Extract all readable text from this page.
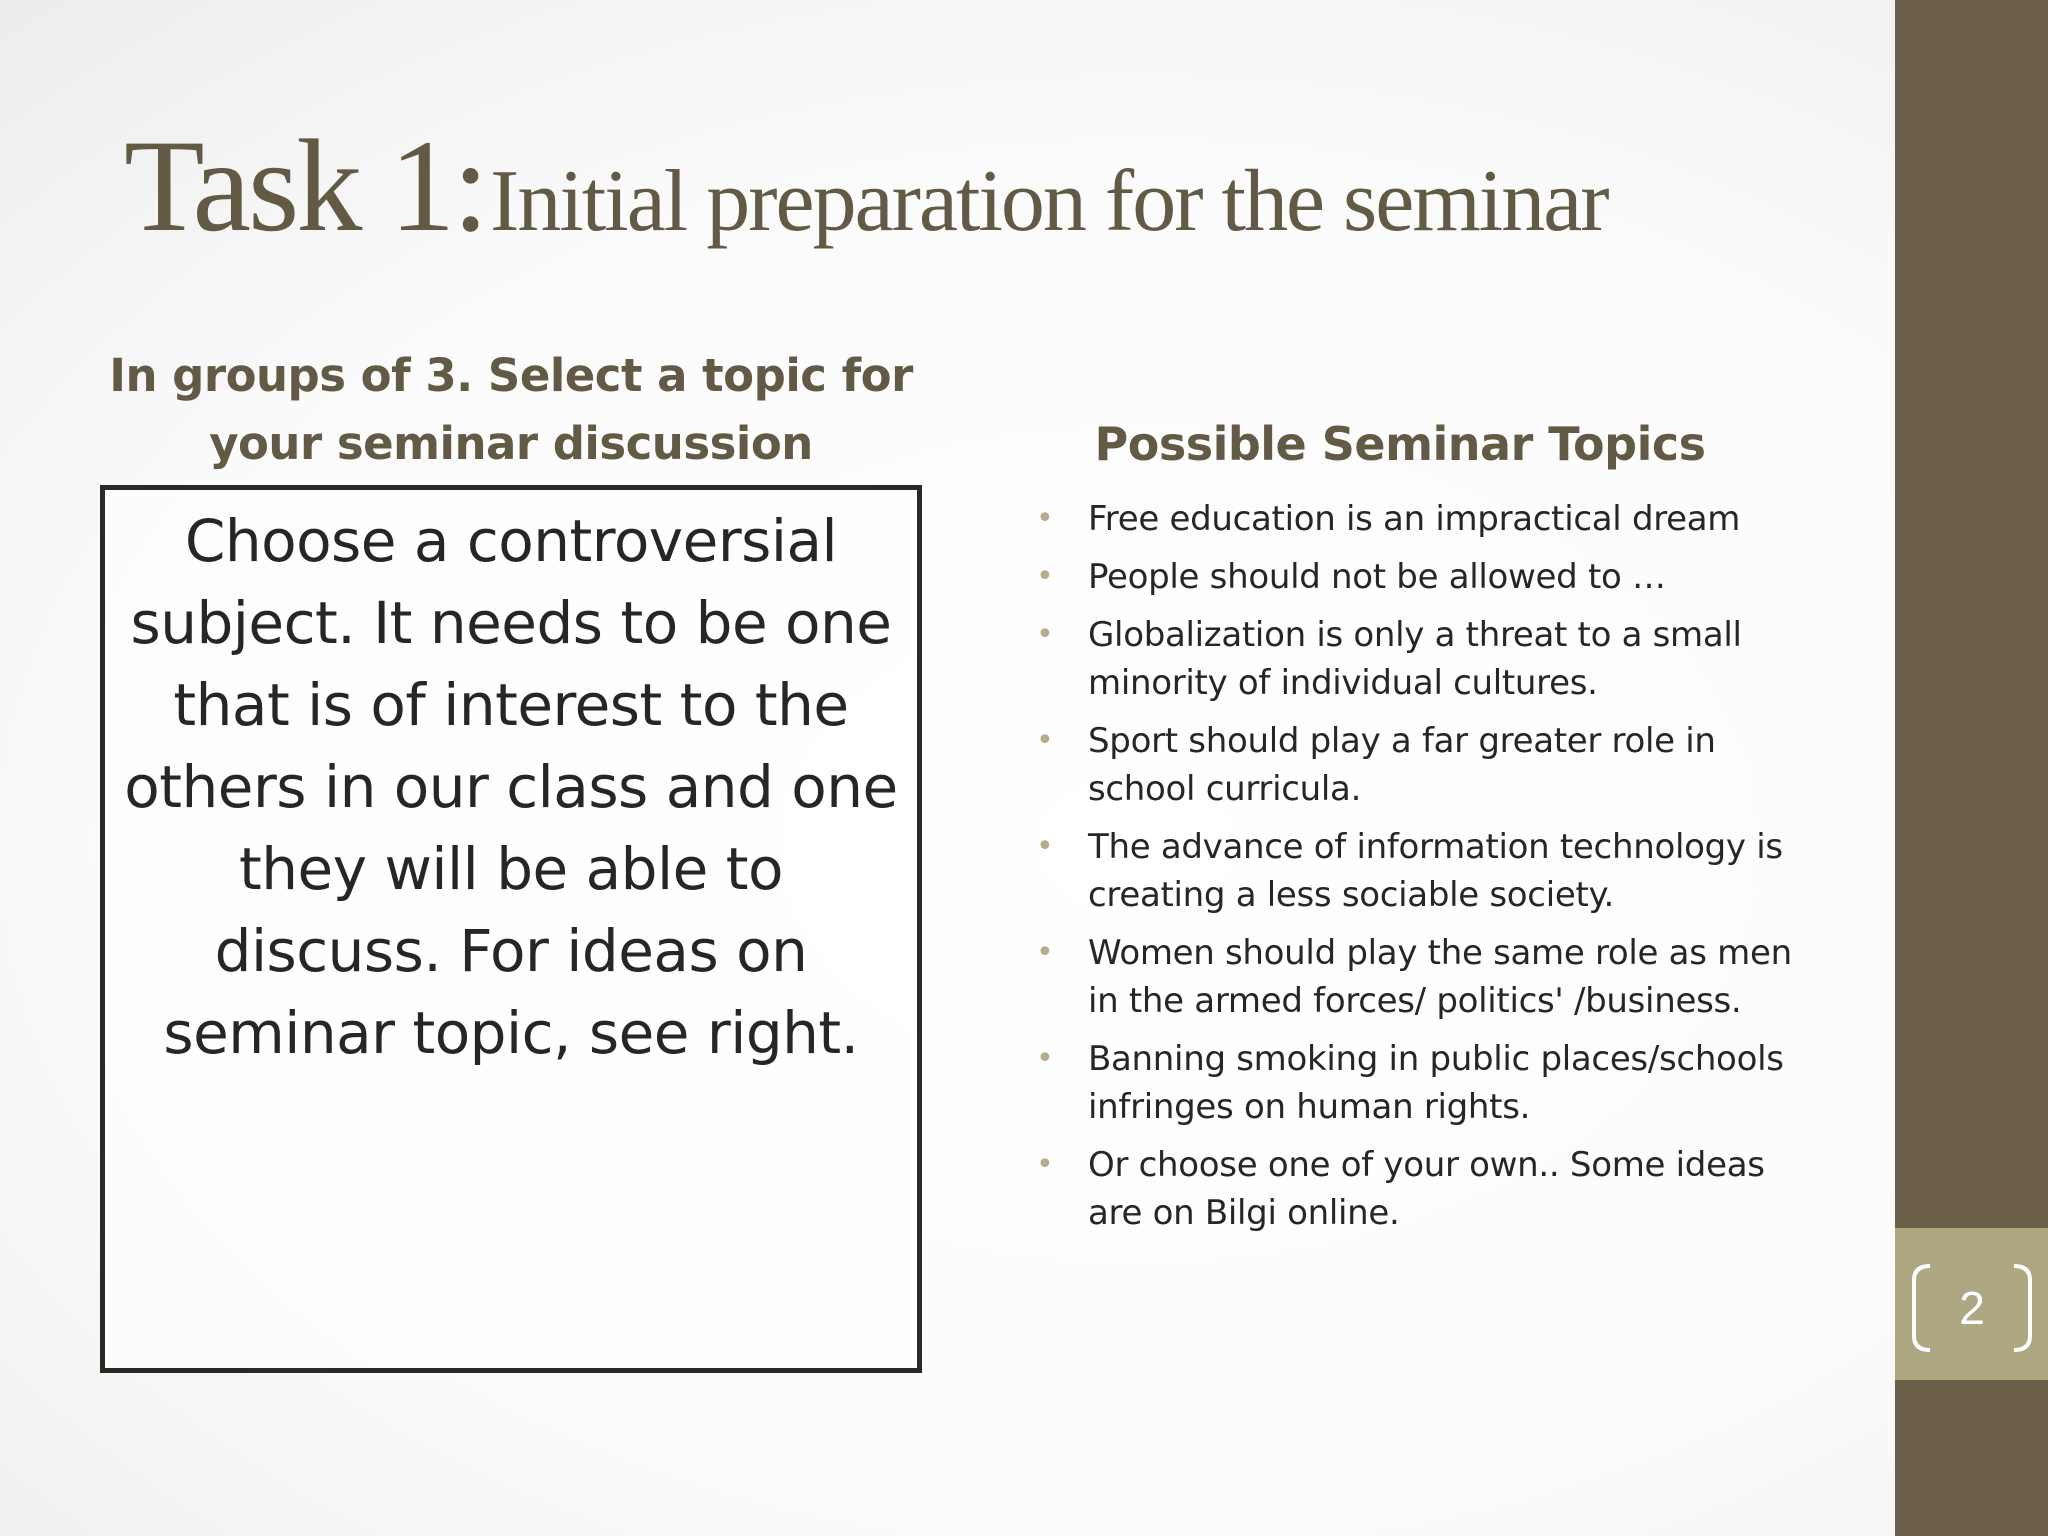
2
Task 1: Initial preparation for the seminar
In groups of 3. Select a topic for your seminar discussion
Choose a controversial subject. It needs to be one that is of interest to the others in our class and one they will be able to discuss. For ideas on seminar topic, see right.
Possible Seminar Topics
• Free education is an impractical dream
• People should not be allowed to …
• Globalization is only a threat to a small minority of individual cultures.
• Sport should play a far greater role in school curricula.
• The advance of information technology is creating a less sociable society.
• Women should play the same role as men in the armed forces/ politics' /business.
• Banning smoking in public places/schools infringes on human rights.
• Or choose one of your own.. Some ideas are on Bilgi online.
